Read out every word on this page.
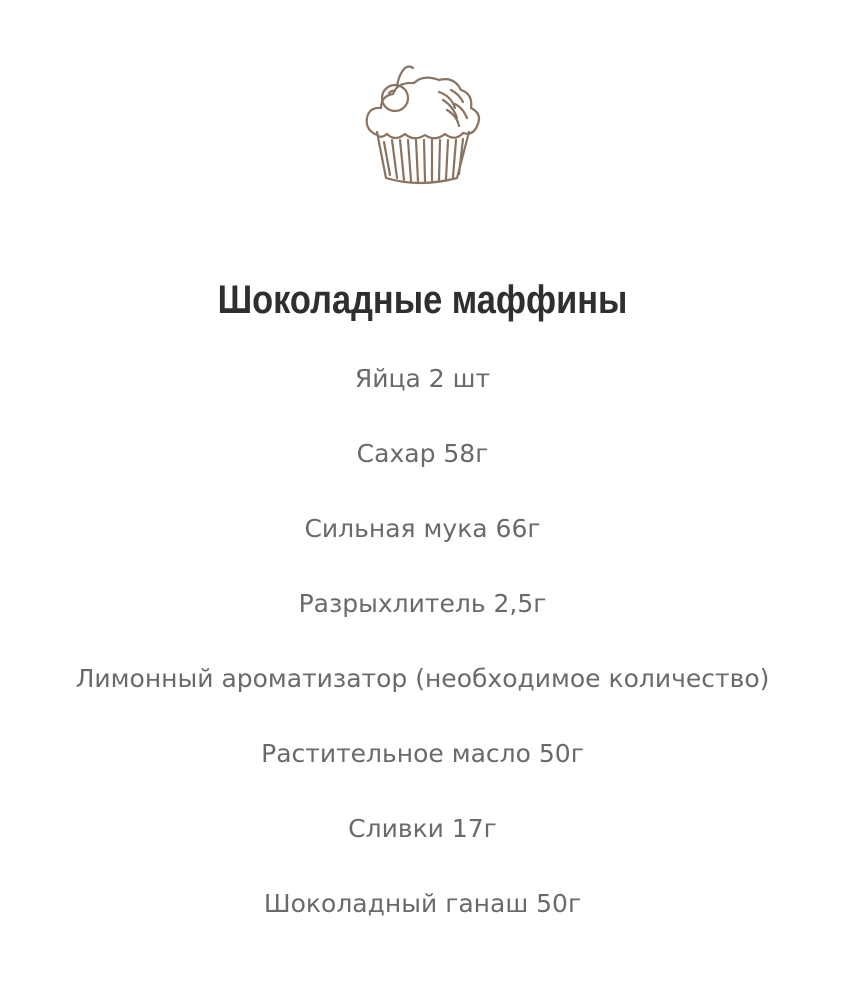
Шоколадные маффины
Яйца 2 шт
Сахар 58г
Сильная мука 66г
Разрыхлитель 2,5г
Лимонный ароматизатор (необходимое количество)
Растительное масло 50г
Сливки 17г
Шоколадный ганаш 50г
